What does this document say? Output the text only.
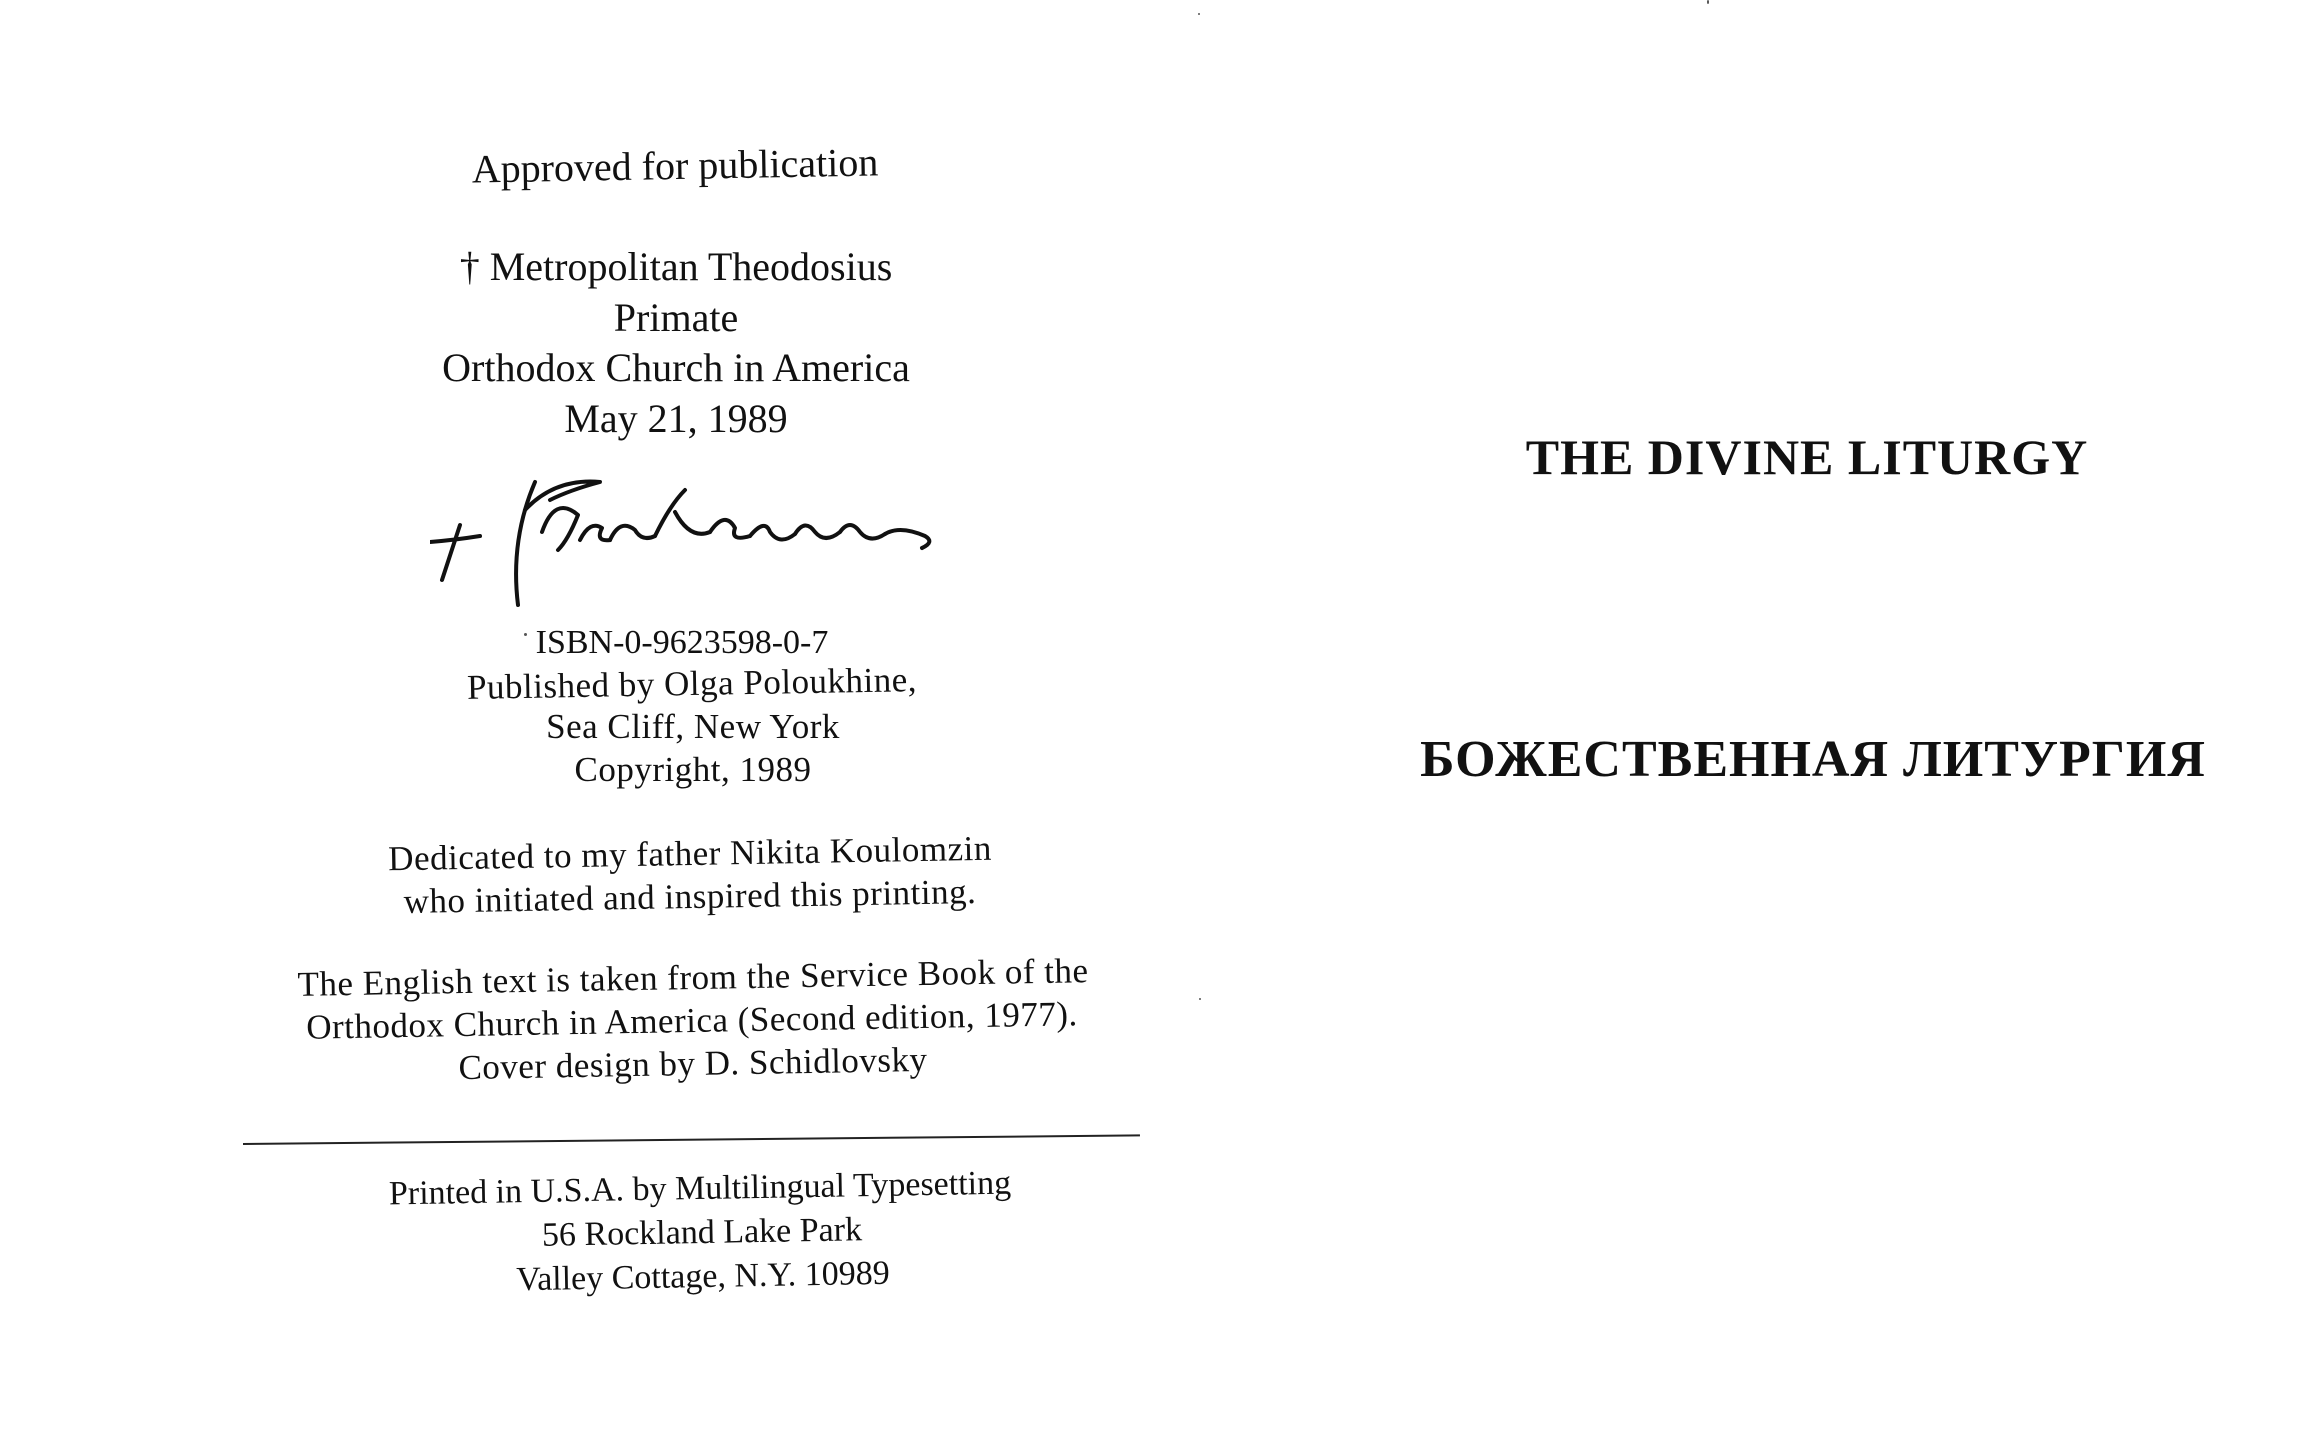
Approved for publication
† Metropolitan Theodosius
Primate
Orthodox Church in America
May 21, 1989
ISBN-0-9623598-0-7
Published by Olga Poloukhine,
Sea Cliff, New York
Copyright, 1989
Dedicated to my father Nikita Koulomzin
who initiated and inspired this printing.
The English text is taken from the Service Book of the
Orthodox Church in America (Second edition, 1977).
Cover design by D. Schidlovsky
Printed in U.S.A. by Multilingual Typesetting
56 Rockland Lake Park
Valley Cottage, N.Y. 10989
THE DIVINE LITURGY
БОЖЕСТВЕННАЯ ЛИТУРГИЯ
